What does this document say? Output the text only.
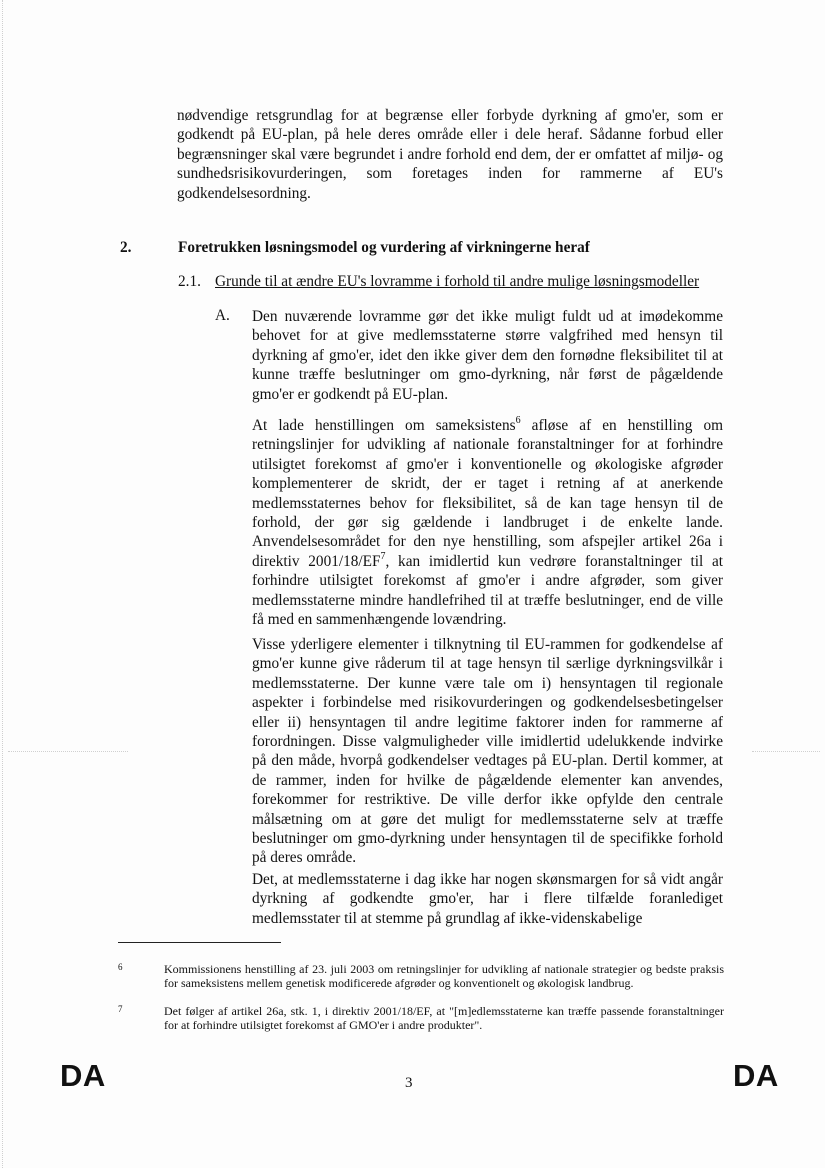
nødvendige retsgrundlag for at begrænse eller forbyde dyrkning af gmo'er, som er godkendt på EU-plan, på hele deres område eller i dele heraf. Sådanne forbud eller begrænsninger skal være begrundet i andre forhold end dem, der er omfattet af miljø- og sundhedsrisikovurderingen, som foretages inden for rammerne af EU's godkendelsesordning.

2.	Foretrukken løsningsmodel og vurdering af virkningerne heraf
2.1. Grunde til at ændre EU's lovramme i forhold til andre mulige løsningsmodeller
A. Den nuværende lovramme gør det ikke muligt fuldt ud at imødekomme behovet for at give medlemsstaterne større valgfrihed med hensyn til dyrkning af gmo'er, idet den ikke giver dem den fornødne fleksibilitet til at kunne træffe beslutninger om gmo-dyrkning, når først de pågældende gmo'er er godkendt på EU-plan.

At lade henstillingen om sameksistens$^6$ afløse af en henstilling om retningslinjer for udvikling af nationale foranstaltninger for at forhindre utilsigtet forekomst af gmo'er i konventionelle og økologiske afgrøder komplementerer de skridt, der er taget i retning af at anerkende medlemsstaternes behov for fleksibilitet, så de kan tage hensyn til de forhold, der gør sig gældende i landbruget i de enkelte lande. Anvendelsesområdet for den nye henstilling, som afspejler artikel 26a i direktiv $2001/18/EF^7$, kan imidlertid kun vedrøre foranstaltninger til at forhindre utilsigtet forekomst af gmo'er i andre afgrøder, som giver medlemsstaterne mindre handlefrihed til at træffe beslutninger, end de ville få med en sammenhængende lovændring.

Visse yderligere elementer i tilknytning til EU-rammen for godkendelse af gmo'er kunne give råderum til at tage hensyn til særlige dyrkningsvilkår i medlemsstaterne. Der kunne være tale om i) hensyntagen til regionale aspekter i forbindelse med risikovurderingen og godkendelsesbetingelser eller ii) hensyntagen til andre legitime faktorer inden for rammerne af forordningen. Disse valgmuligheder ville imidlertid udelukkende indvirke på den måde, hvorpå godkendelser vedtages på EU-plan. Dertil kommer, at de rammer, inden for hvilke de pågældende elementer kan anvendes, forekommer for restriktive. De ville derfor ikke opfylde den centrale målsætning om at gøre det muligt for medlemsstaterne selv at træffe beslutninger om gmo-dyrkning under hensyntagen til de specifikke forhold på deres område.

Det, at medlemsstaterne i dag ikke har nogen skønsmargen for så vidt angår dyrkning af godkendte gmo'er, har i flere tilfælde foranlediget medlemsstater til at stemme på grundlag af ikke-videnskabelige

6	Kommissionens henstilling af 23. juli 2003 om retningslinjer for udvikling af nationale strategier og bedste praksis for sameksistens mellem genetisk modificerede afgrøder og konventionelt og økologisk landbrug.

7	Det følger af artikel 26a, stk. 1, i direktiv 2001/18/EF, at "[m]edlemsstaterne kan træffe passende foranstaltninger for at forhindre utilsigtet forekomst af GMO'er i andre produkter".

DA	3	DA
